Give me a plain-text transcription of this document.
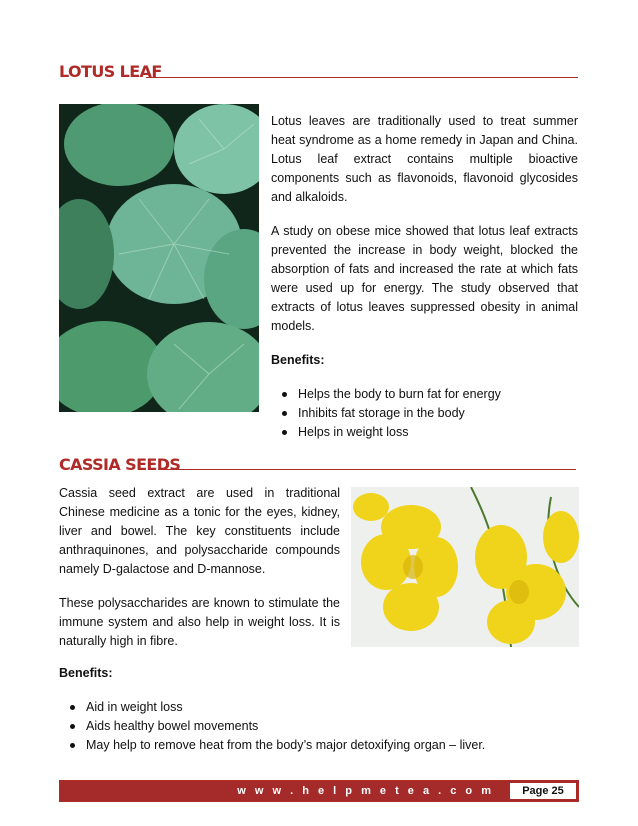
LOTUS LEAF

Lotus leaves are traditionally used to treat summer heat syndrome as a home remedy in Japan and China. Lotus leaf extract contains multiple bioactive components such as flavonoids, flavonoid glycosides and alkaloids.

A study on obese mice showed that lotus leaf extracts prevented the increase in body weight, blocked the absorption of fats and increased the rate at which fats were used up for energy. The study observed that extracts of lotus leaves suppressed obesity in animal models.

Benefits:

Helps the body to burn fat for energy
Inhibits fat storage in the body
Helps in weight loss
CASSIA SEEDS

Cassia seed extract are used in traditional Chinese medicine as a tonic for the eyes, kidney, liver and bowel. The key constituents include anthraquinones, and polysaccharide compounds namely D-galactose and D-mannose.

These polysaccharides are known to stimulate the immune system and also help in weight loss. It is naturally high in fibre.

Benefits:

Aid in weight loss
Aids healthy bowel movements
May help to remove heat from the body’s major detoxifying organ – liver.
w w w . h e l p m e t e a . c o m	Page 25
